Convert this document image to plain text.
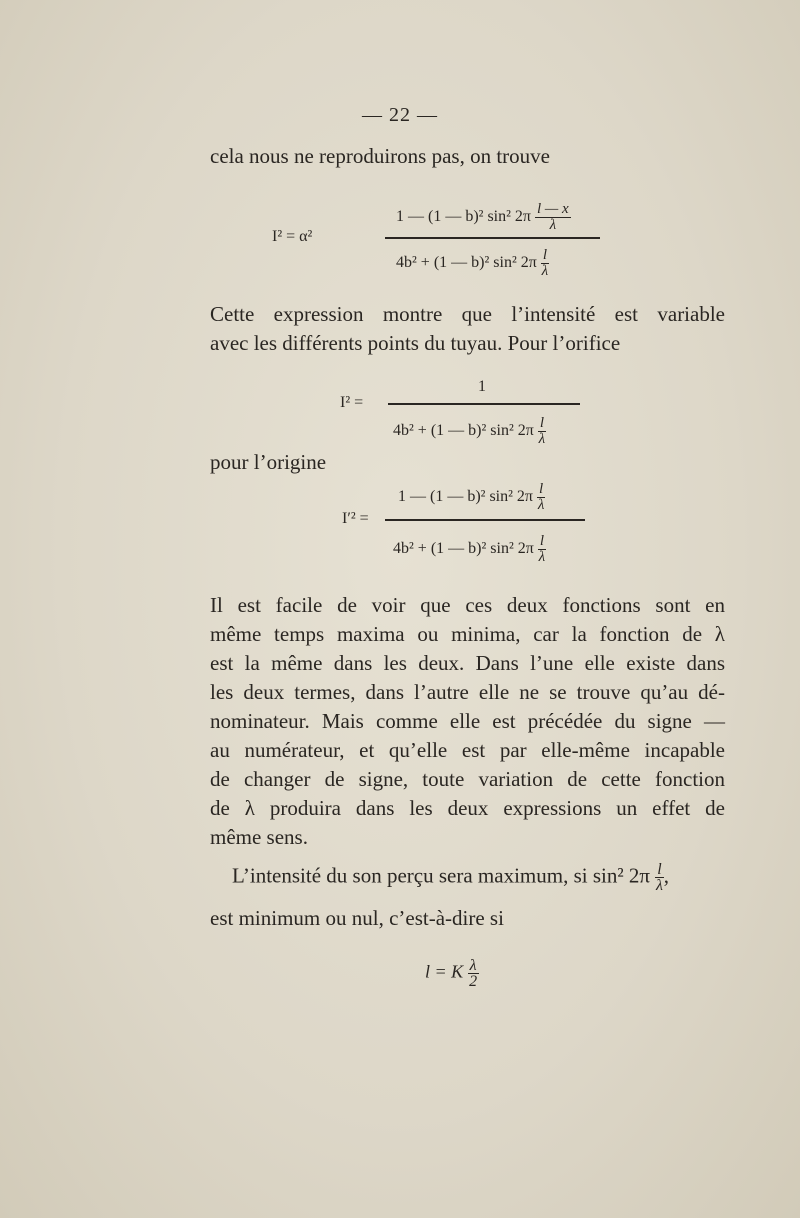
— 22 —
cela nous ne reproduirons pas, on trouve
I² = α²
1 — (1 — b)² sin² $2\pi \frac{l — x}{\lambda}$
4b² + (1 — b)² sin² $2\pi \frac{l}{\lambda}$
Cette expression montre que l’intensité est variable
avec les différents points du tuyau. Pour l’orifice
I² =
1
4b² + (1 — b)² sin² $2\pi \frac{l}{\lambda}$
pour l’origine
I′² =
1 — (1 — b)² sin² $2\pi \frac{l}{\lambda}$
4b² + (1 — b)² sin² $2\pi \frac{l}{\lambda}$
Il est facile de voir que ces deux fonctions sont en
même temps maxima ou minima, car la fonction de λ
est la même dans les deux. Dans l’une elle existe dans
les deux termes, dans l’autre elle ne se trouve qu’au dé-
nominateur. Mais comme elle est précédée du signe —
au numérateur, et qu’elle est par elle-même incapable
de changer de signe, toute variation de cette fonction
de λ produira dans les deux expressions un effet de
même sens.
L’intensité du son perçu sera maximum, si sin² $2\pi \frac{l}{\lambda}$ ,
est minimum ou nul, c’est-à-dire si
l = K $\frac{\lambda}{2}$
